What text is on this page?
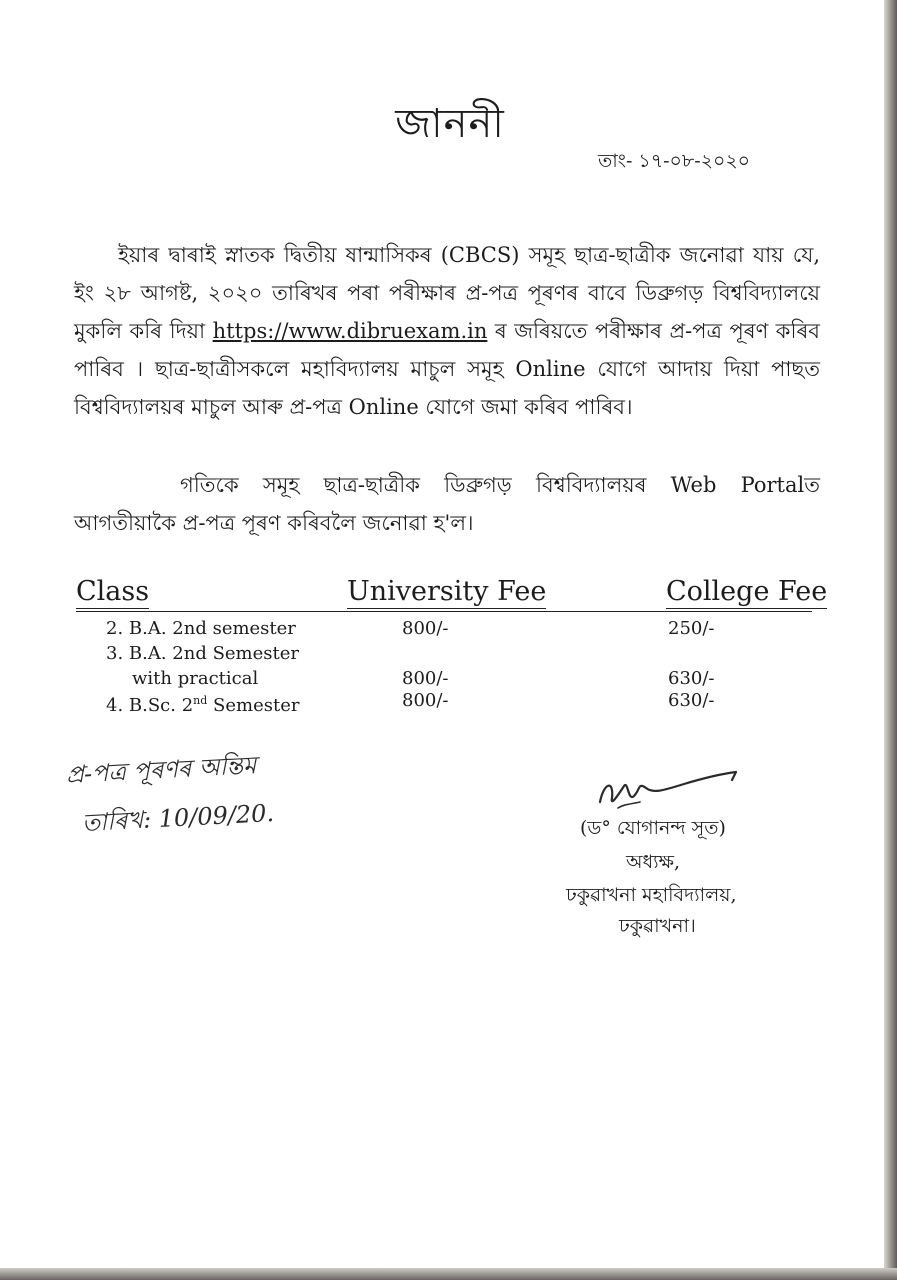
জাননী
তাং- ১৭-০৮-২০২০

ইয়াৰ দ্বাৰাই স্নাতক দ্বিতীয় ষান্মাসিকৰ (CBCS) সমূহ ছাত্ৰ-ছাত্ৰীক জনোৱা যায় যে, ইং ২৮ আগষ্ট, ২০২০ তাৰিখৰ পৰা পৰীক্ষাৰ প্ৰ-পত্ৰ পূৰণৰ বাবে ডিব্ৰুগড় বিশ্ববিদ্যালয়ে মুকলি কৰি দিয়া https://www.dibruexam.in ৰ জৰিয়তে পৰীক্ষাৰ প্ৰ-পত্ৰ পূৰণ কৰিব পাৰিব । ছাত্ৰ-ছাত্ৰীসকলে মহাবিদ্যালয় মাচুল সমূহ Online যোগে আদায় দিয়া পাছত বিশ্ববিদ্যালয়ৰ মাচুল আৰু প্ৰ-পত্ৰ Online যোগে জমা কৰিব পাৰিব।

গতিকে সমূহ ছাত্ৰ-ছাত্ৰীক ডিব্ৰুগড় বিশ্ববিদ্যালয়ৰ Web Portalত আগতীয়াকৈ প্ৰ-পত্ৰ পূৰণ কৰিবলৈ জনোৱা হ'ল।

Class	University Fee	College Fee
2. B.A. 2nd semester	800/-	250/-
3. B.A. 2nd Semester
with practical	800/-	630/-
4. B.Sc. 2nd Semester	800/-	630/-
প্ৰ-পত্ৰ পূৰণৰ অন্তিম
তাৰিখ: 10/09/20.	(ড° যোগানন্দ সূত)
অধ্যক্ষ,
ঢকুৱাখনা মহাবিদ্যালয়,
ঢকুৱাখনা।
